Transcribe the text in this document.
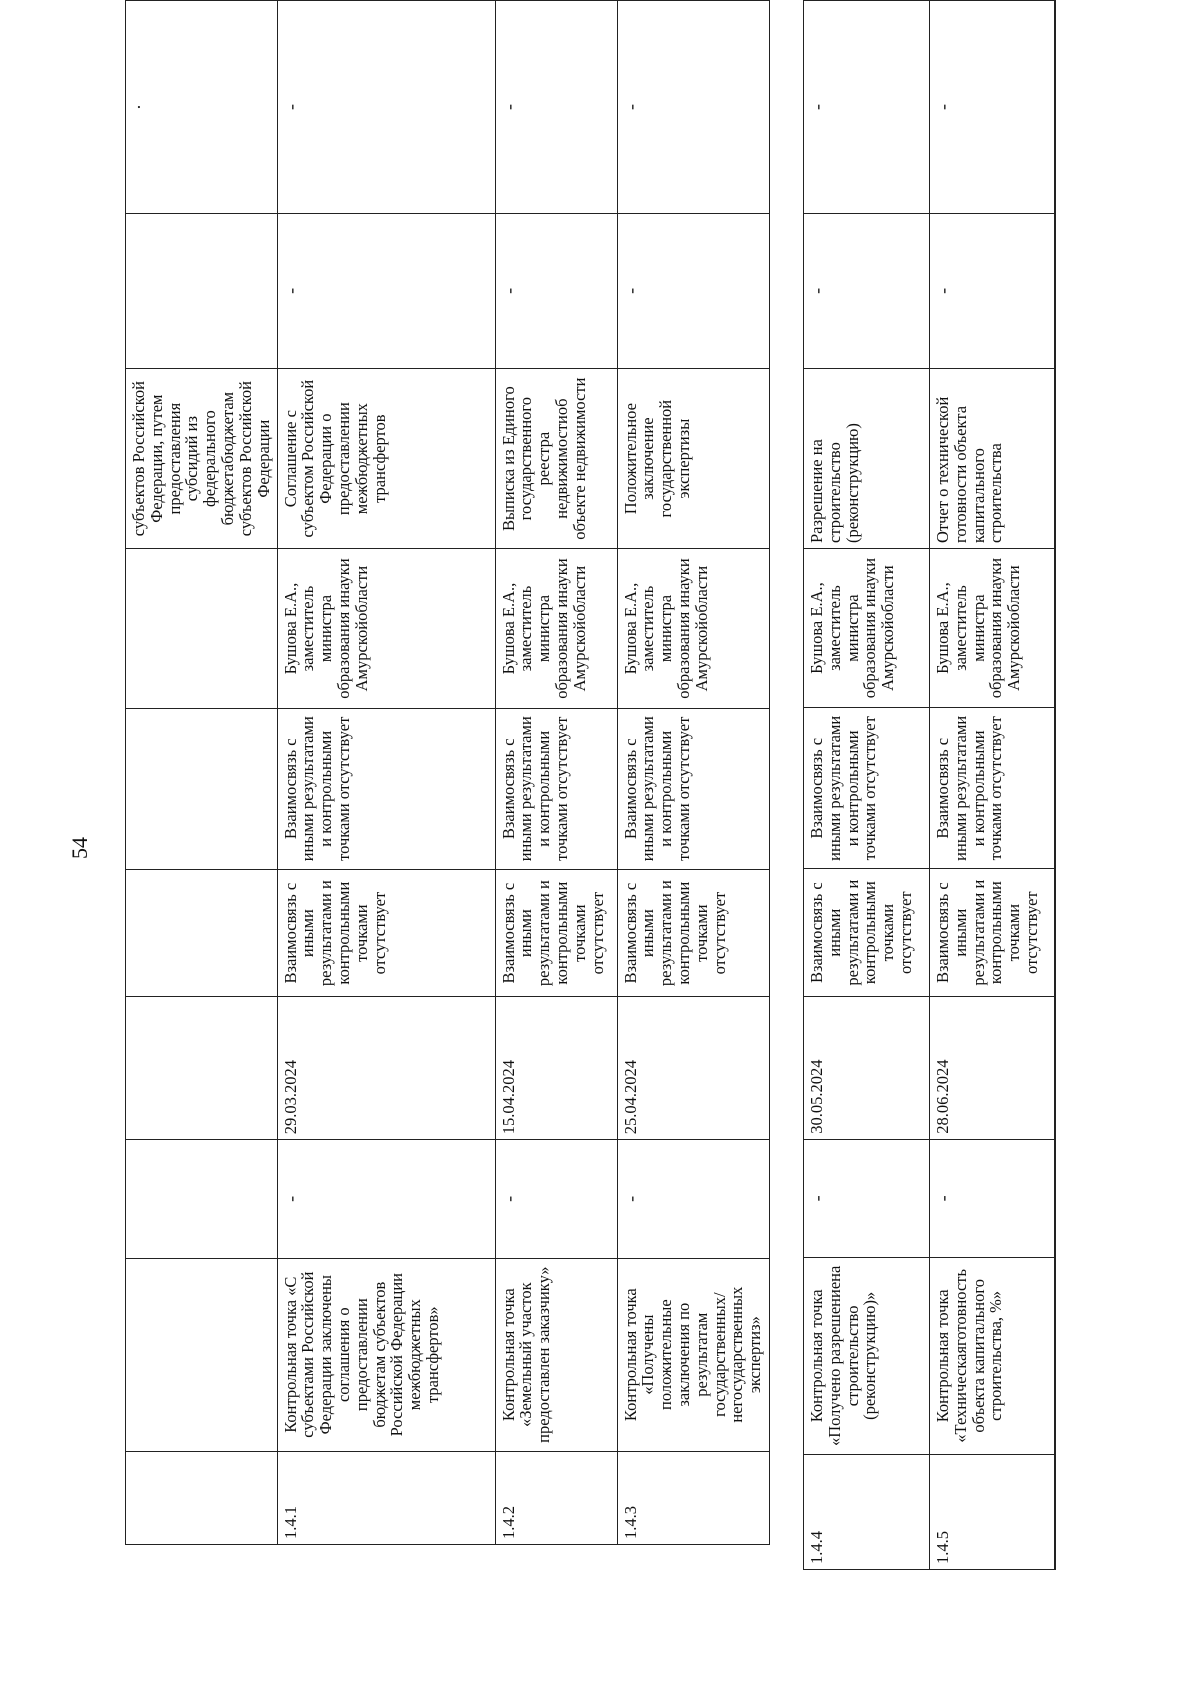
54
							субъектов Российской Федерации, путем предоставления субсидий из федерального бюджетабюджетам субъектов Российской Федерации		·
1.4.1	Контрольная точка «С субъектами Российской Федерации заключены соглашения о предоставлении бюджетам субъектов Российской Федерации межбюджетных трансфертов»	-	29.03.2024	Взаимосвязь с иными результатами и контрольными точками отсутствует	Взаимосвязь с иными результатами и контрольными точками отсутствует	Бушова Е.А., заместитель министра образования инауки Амурскойобласти	Соглашение с субъектом Российской Федерации о предоставлении межбюджетных трансфертов	-	-
1.4.2	Контрольная точка «Земельный участок предоставлен заказчику»	-	15.04.2024	Взаимосвязь с иными результатами и контрольными точками отсутствует	Взаимосвязь с иными результатами и контрольными точками отсутствует	Бушова Е.А., заместитель министра образования инауки Амурскойобласти	Выписка из Единого государственного реестра недвижимостиоб объекте недвижимости	-	-
1.4.3	Контрольная точка «Получены положительные заключения по результатам государственных/негосударственных экспертиз»	-	25.04.2024	Взаимосвязь с иными результатами и контрольными точками отсутствует	Взаимосвязь с иными результатами и контрольными точками отсутствует	Бушова Е.А., заместитель министра образования инауки Амурскойобласти	Положительное заключение государственной экспертизы	-	-
1.4.4	Контрольная точка «Получено разрешениена строительство (реконструкцию)»	-	30.05.2024	Взаимосвязь с иными результатами и контрольными точками отсутствует	Взаимосвязь с иными результатами и контрольными точками отсутствует	Бушова Е.А., заместитель министра образования инауки Амурскойобласти	Разрешение на строительство (реконструкцию)	-	-
1.4.5	Контрольная точка «Техническаяготовность объекта капитального строительства, %»	-	28.06.2024	Взаимосвязь с иными результатами и контрольными точками отсутствует	Взаимосвязь с иными результатами и контрольными точками отсутствует	Бушова Е.А., заместитель министра образования инауки Амурскойобласти	Отчет о технической готовности объекта капитального строительства	-	-
